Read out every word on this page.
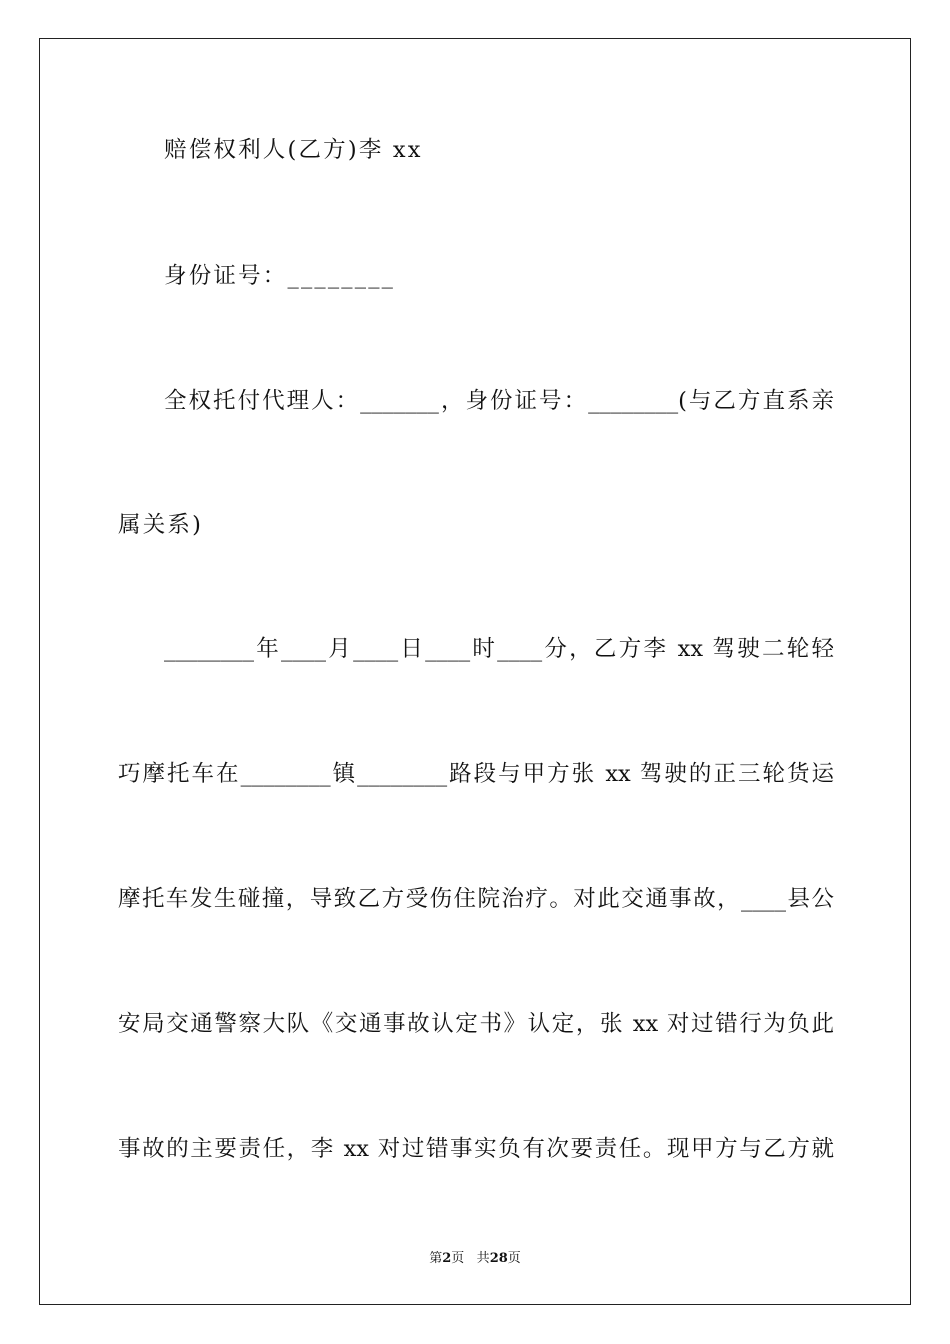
赔偿权利人(乙方)李 xx
身份证号：________
全权托付代理人：_______，身份证号：________(与乙方直系亲
属关系)
________年____月____日____时____分，乙方李 xx 驾驶二轮轻
巧摩托车在________镇________路段与甲方张 xx 驾驶的正三轮货运
摩托车发生碰撞，导致乙方受伤住院治疗。对此交通事故，____县公
安局交通警察大队《交通事故认定书》认定，张 xx 对过错行为负此
事故的主要责任，李 xx 对过错事实负有次要责任。现甲方与乙方就
第2页 共28页
